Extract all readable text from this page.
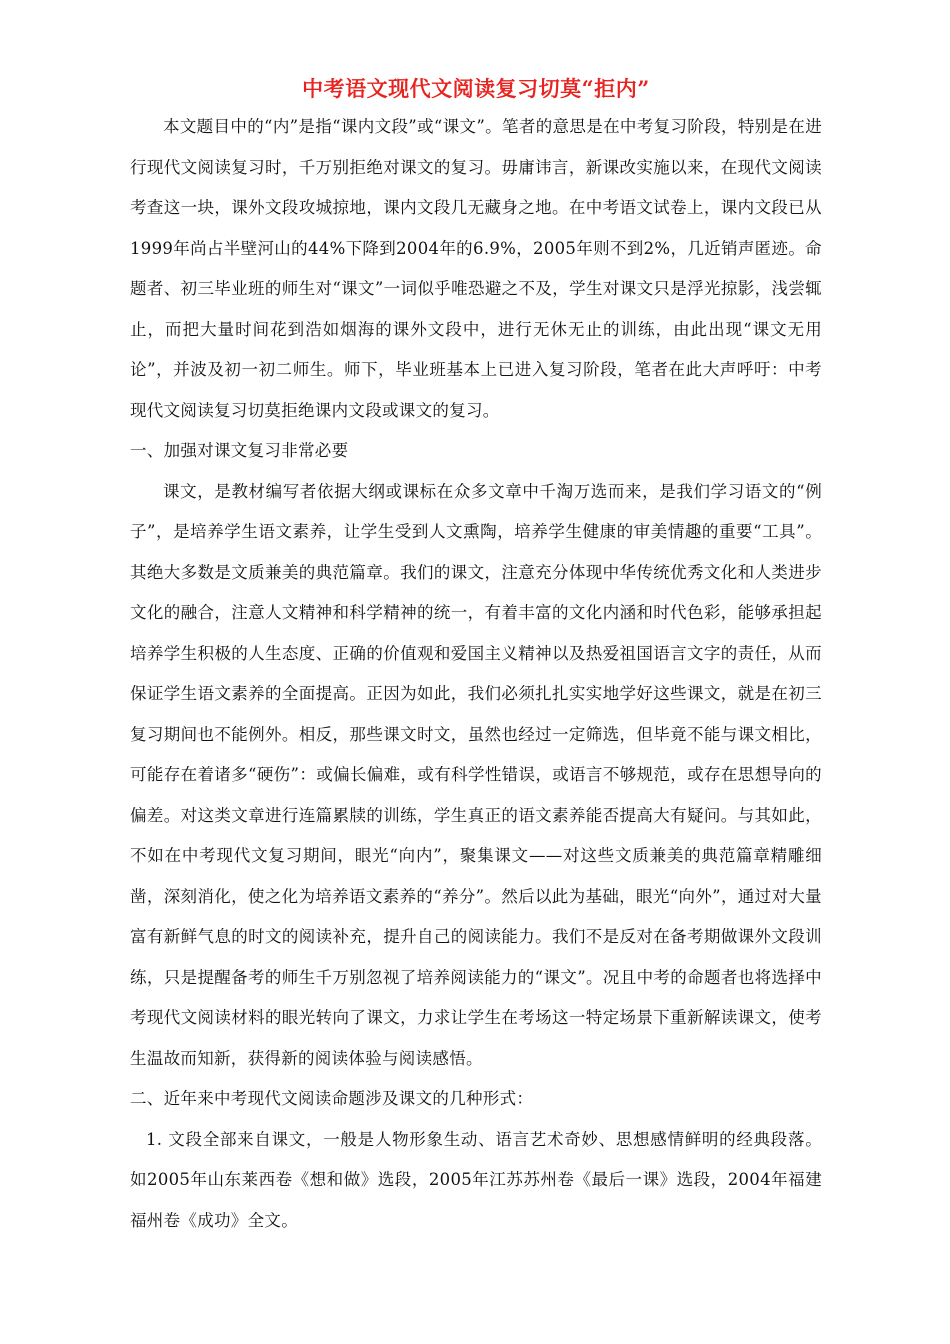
中考语文现代文阅读复习切莫“拒内”

本文题目中的“内”是指“课内文段”或“课文”。笔者的意思是在中考复习阶段，特别是在进行现代文阅读复习时，千万别拒绝对课文的复习。毋庸讳言，新课改实施以来，在现代文阅读考查这一块，课外文段攻城掠地，课内文段几无藏身之地。在中考语文试卷上，课内文段已从1999年尚占半壁河山的44%下降到2004年的6.9%，2005年则不到2%，几近销声匿迹。命题者、初三毕业班的师生对“课文”一词似乎唯恐避之不及，学生对课文只是浮光掠影，浅尝辄止，而把大量时间花到浩如烟海的课外文段中，进行无休无止的训练，由此出现“课文无用论”，并波及初一初二师生。师下，毕业班基本上已进入复习阶段，笔者在此大声呼吁：中考现代文阅读复习切莫拒绝课内文段或课文的复习。

一、加强对课文复习非常必要

课文，是教材编写者依据大纲或课标在众多文章中千淘万选而来，是我们学习语文的“例子”，是培养学生语文素养，让学生受到人文熏陶，培养学生健康的审美情趣的重要“工具”。其绝大多数是文质兼美的典范篇章。我们的课文，注意充分体现中华传统优秀文化和人类进步文化的融合，注意人文精神和科学精神的统一，有着丰富的文化内涵和时代色彩，能够承担起培养学生积极的人生态度、正确的价值观和爱国主义精神以及热爱祖国语言文字的责任，从而保证学生语文素养的全面提高。正因为如此，我们必须扎扎实实地学好这些课文，就是在初三复习期间也不能例外。相反，那些课文时文，虽然也经过一定筛选，但毕竟不能与课文相比，可能存在着诸多“硬伤”：或偏长偏难，或有科学性错误，或语言不够规范，或存在思想导向的偏差。对这类文章进行连篇累牍的训练，学生真正的语文素养能否提高大有疑问。与其如此，不如在中考现代文复习期间，眼光“向内”，聚集课文——对这些文质兼美的典范篇章精雕细凿，深刻消化，使之化为培养语文素养的“养分”。然后以此为基础，眼光“向外”，通过对大量富有新鲜气息的时文的阅读补充，提升自己的阅读能力。我们不是反对在备考期做课外文段训练，只是提醒备考的师生千万别忽视了培养阅读能力的“课文”。况且中考的命题者也将选择中考现代文阅读材料的眼光转向了课文，力求让学生在考场这一特定场景下重新解读课文，使考生温故而知新，获得新的阅读体验与阅读感悟。

二、近年来中考现代文阅读命题涉及课文的几种形式：

1. 文段全部来自课文，一般是人物形象生动、语言艺术奇妙、思想感情鲜明的经典段落。如2005年山东莱西卷《想和做》选段，2005年江苏苏州卷《最后一课》选段，2004年福建福州卷《成功》全文。
